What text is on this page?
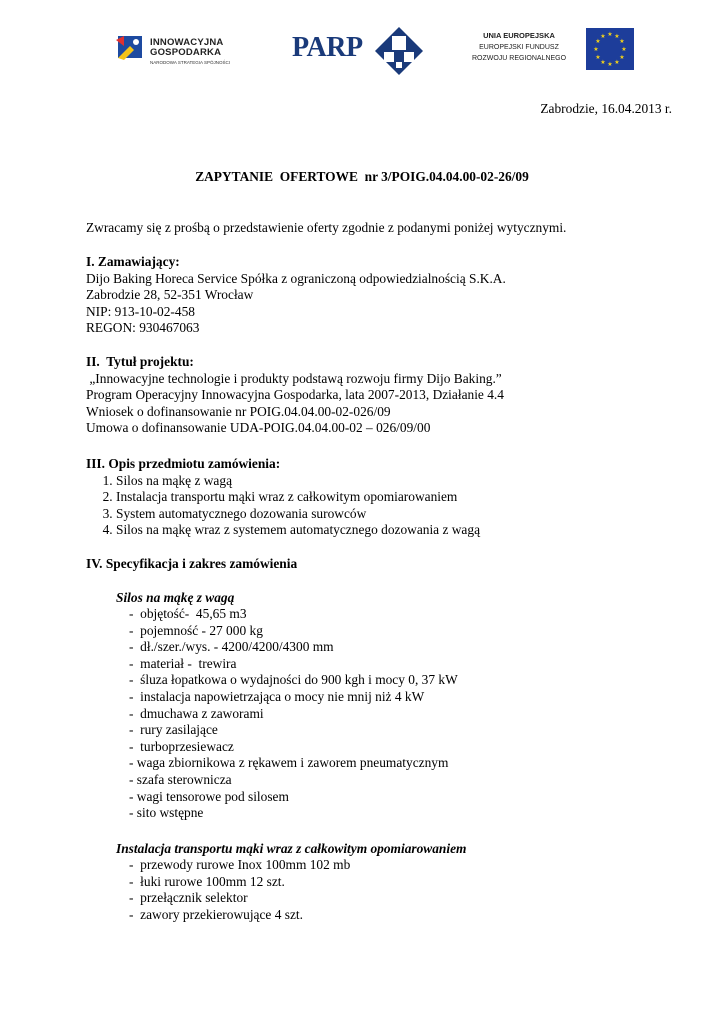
INNOWACYJNA
GOSPODARKA
NARODOWA STRATEGIA SPÓJNOŚCI PARP	UNIA EUROPEJSKA
EUROPEJSKI FUNDUSZ
ROZWOJU REGIONALNEGO
★ ★
★
★
★
★
★
★
★
★
★
★
Zabrodzie, 16.04.2013 r.
ZAPYTANIE  OFERTOWE  nr 3/POIG.04.04.00-02-26/09

Zwracamy się z prośbą o przedstawienie oferty zgodnie z podanymi poniżej wytycznymi.

I. Zamawiający:

Dijo Baking Horeca Service Spółka z ograniczoną odpowiedzialnością S.K.A.

Zabrodzie 28, 52-351 Wrocław

NIP: 913-10-02-458

REGON: 930467063

II.  Tytuł projektu:

„Innowacyjne technologie i produkty podstawą rozwoju firmy Dijo Baking.”

Program Operacyjny Innowacyjna Gospodarka, lata 2007-2013, Działanie 4.4

Wniosek o dofinansowanie nr POIG.04.04.00-02-026/09

Umowa o dofinansowanie UDA-POIG.04.04.00-02 – 026/09/00

III. Opis przedmiotu zamówienia:

1. Silos na mąkę z wagą
2. Instalacja transportu mąki wraz z całkowitym opomiarowaniem
3. System automatycznego dozowania surowców
4. Silos na mąkę wraz z systemem automatycznego dozowania z wagą

IV. Specyfikacja i zakres zamówienia

Silos na mąkę z wagą

-  objętość-  45,65 m3
-  pojemność - 27 000 kg
-  dł./szer./wys. - 4200/4200/4300 mm
-  materiał -  trewira
-  śluza łopatkowa o wydajności do 900 kgh i mocy 0, 37 kW
-  instalacja napowietrzająca o mocy nie mnij niż 4 kW
-  dmuchawa z zaworami
-  rury zasilające
-  turboprzesiewacz
- waga zbiornikowa z rękawem i zaworem pneumatycznym
- szafa sterownicza
- wagi tensorowe pod silosem
- sito wstępne

Instalacja transportu mąki wraz z całkowitym opomiarowaniem

-  przewody rurowe Inox 100mm 102 mb
-  łuki rurowe 100mm 12 szt.
-  przełącznik selektor
-  zawory przekierowujące 4 szt.
